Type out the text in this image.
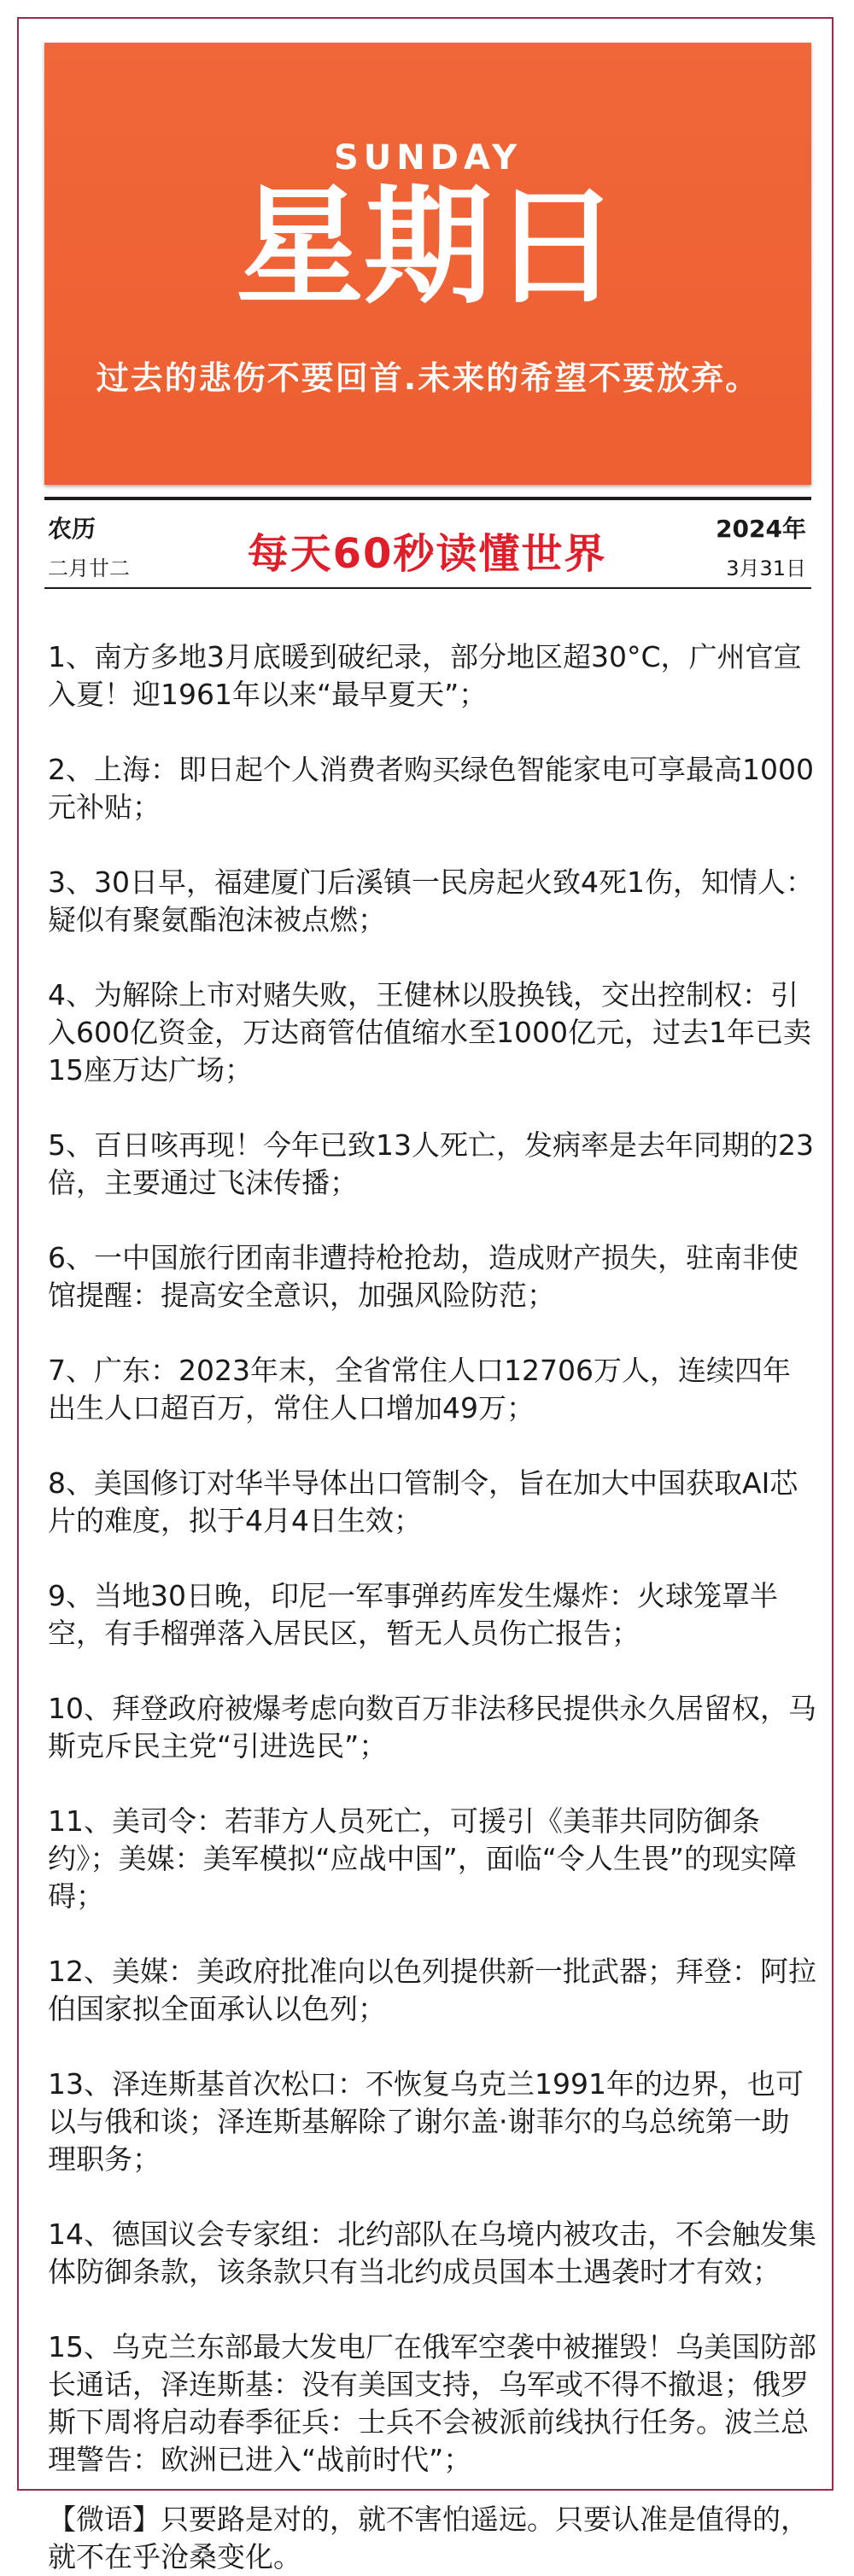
SUNDAY
星期日
过去的悲伤不要回首.未来的希望不要放弃。
农历
二月廿二	每天60秒读懂世界
2024年
3月31日
1、南方多地3月底暖到破纪录，部分地区超30°C，广州官宣入夏！迎1961年以来“最早夏天”；
2、上海：即日起个人消费者购买绿色智能家电可享最高1000元补贴；
3、30日早，福建厦门后溪镇一民房起火致4死1伤，知情人：疑似有聚氨酯泡沫被点燃；
4、为解除上市对赌失败，王健林以股换钱，交出控制权：引入600亿资金，万达商管估值缩水至1000亿元，过去1年已卖15座万达广场；
5、百日咳再现！今年已致13人死亡，发病率是去年同期的23倍，主要通过飞沫传播；
6、一中国旅行团南非遭持枪抢劫，造成财产损失，驻南非使馆提醒：提高安全意识，加强风险防范；
7、广东：2023年末，全省常住人口12706万人，连续四年出生人口超百万，常住人口增加49万；
8、美国修订对华半导体出口管制令，旨在加大中国获取AI芯片的难度，拟于4月4日生效；
9、当地30日晚，印尼一军事弹药库发生爆炸：火球笼罩半空，有手榴弹落入居民区，暂无人员伤亡报告；
10、拜登政府被爆考虑向数百万非法移民提供永久居留权，马斯克斥民主党“引进选民”；
11、美司令：若菲方人员死亡，可援引《美菲共同防御条约》；美媒：美军模拟“应战中国”，面临“令人生畏”的现实障碍；
12、美媒：美政府批准向以色列提供新一批武器；拜登：阿拉伯国家拟全面承认以色列；
13、泽连斯基首次松口：不恢复乌克兰1991年的边界，也可以与俄和谈；泽连斯基解除了谢尔盖·谢菲尔的乌总统第一助理职务；
14、德国议会专家组：北约部队在乌境内被攻击，不会触发集体防御条款，该条款只有当北约成员国本土遇袭时才有效；
15、乌克兰东部最大发电厂在俄军空袭中被摧毁！乌美国防部长通话，泽连斯基：没有美国支持，乌军或不得不撤退；俄罗斯下周将启动春季征兵：士兵不会被派前线执行任务。波兰总理警告：欧洲已进入“战前时代”；
【微语】只要路是对的，就不害怕遥远。只要认准是值得的，就不在乎沧桑变化。
